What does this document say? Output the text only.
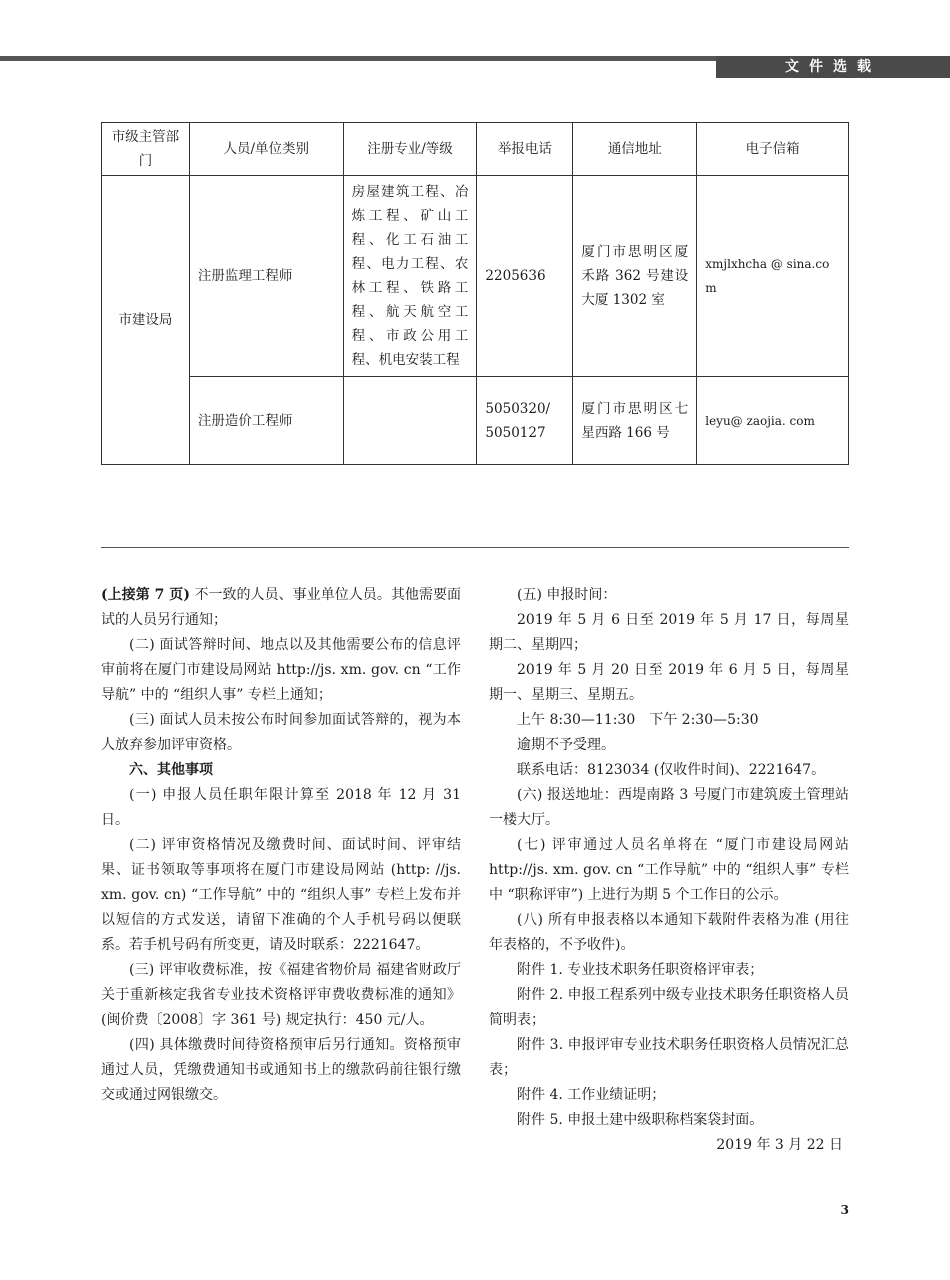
文件选载
市级主管部门	人员/单位类别	注册专业/等级	举报电话	通信地址	电子信箱
市建设局	注册监理工程师	房屋建筑工程、冶炼工程、矿山工程、化工石油工程、电力工程、农林工程、铁路工程、航天航空工程、市政公用工程、机电安装工程	2205636	厦门市思明区厦禾路 362 号建设大厦 1302 室	xmjlxhcha @ sina.com
	注册造价工程师		5050320/ 5050127	厦门市思明区七星西路 166 号	leyu@ zaojia. com

(上接第 7 页) 不一致的人员、事业单位人员。其他需要面试的人员另行通知；

(二) 面试答辩时间、地点以及其他需要公布的信息评审前将在厦门市建设局网站 http://js. xm. gov. cn “工作导航” 中的 “组织人事” 专栏上通知；

(三) 面试人员未按公布时间参加面试答辩的，视为本人放弃参加评审资格。

六、其他事项

(一) 申报人员任职年限计算至 2018 年 12 月 31 日。

(二) 评审资格情况及缴费时间、面试时间、评审结果、证书领取等事项将在厦门市建设局网站 (http: //js. xm. gov. cn) “工作导航” 中的 “组织人事” 专栏上发布并以短信的方式发送，请留下准确的个人手机号码以便联系。若手机号码有所变更，请及时联系：2221647。

(三) 评审收费标准，按《福建省物价局 福建省财政厅关于重新核定我省专业技术资格评审费收费标准的通知》(闽价费〔2008〕字 361 号) 规定执行：450 元/人。

(四) 具体缴费时间待资格预审后另行通知。资格预审通过人员，凭缴费通知书或通知书上的缴款码前往银行缴交或通过网银缴交。

(五) 申报时间：

2019 年 5 月 6 日至 2019 年 5 月 17 日，每周星期二、星期四；

2019 年 5 月 20 日至 2019 年 6 月 5 日，每周星期一、星期三、星期五。

上午 8:30—11:30　下午 2:30—5:30

逾期不予受理。

联系电话：8123034 (仅收件时间)、2221647。

(六) 报送地址：西堤南路 3 号厦门市建筑废土管理站一楼大厅。

(七) 评审通过人员名单将在 “厦门市建设局网站 http://js. xm. gov. cn “工作导航” 中的 “组织人事” 专栏中 “职称评审”) 上进行为期 5 个工作日的公示。

(八) 所有申报表格以本通知下载附件表格为准 (用往年表格的，不予收件)。

附件 1. 专业技术职务任职资格评审表；

附件 2. 申报工程系列中级专业技术职务任职资格人员简明表；

附件 3. 申报评审专业技术职务任职资格人员情况汇总表；

附件 4. 工作业绩证明；

附件 5. 申报土建中级职称档案袋封面。

2019 年 3 月 22 日

3
